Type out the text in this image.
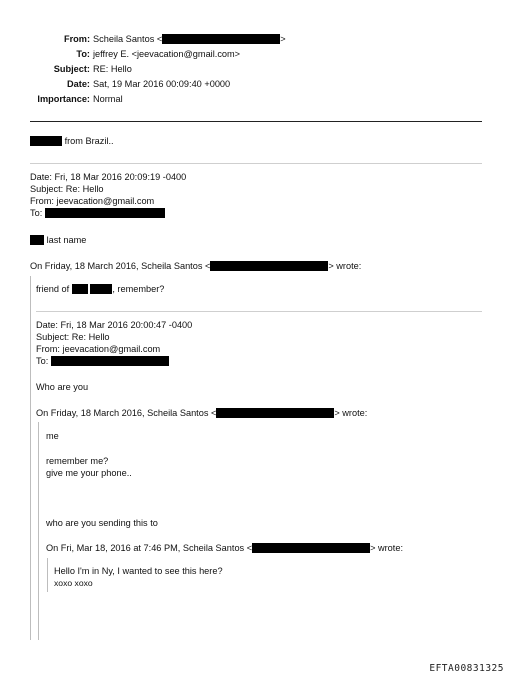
From: Scheila Santos <	>
To: jeffrey E. <jeevacation@gmail.com>
Subject: RE: Hello
Date: Sat, 19 Mar 2016 00:09:40 +0000
Importance: Normal
from Brazil..
Date: Fri, 18 Mar 2016 20:09:19 -0400
Subject: Re: Hello
From: jeevacation@gmail.com
To:
last name
On Friday, 18 March 2016, Scheila Santos <	> wrote:
friend of	, remember?
Date: Fri, 18 Mar 2016 20:00:47 -0400
Subject: Re: Hello
From: jeevacation@gmail.com
To:
Who are you
On Friday, 18 March 2016, Scheila Santos <	> wrote:
me
remember me?
give me your phone..
who are you sending this to
On Fri, Mar 18, 2016 at 7:46 PM, Scheila Santos <	> wrote:
Hello I'm in Ny, I wanted to see this here?
xoxo xoxo
EFTA00831325
